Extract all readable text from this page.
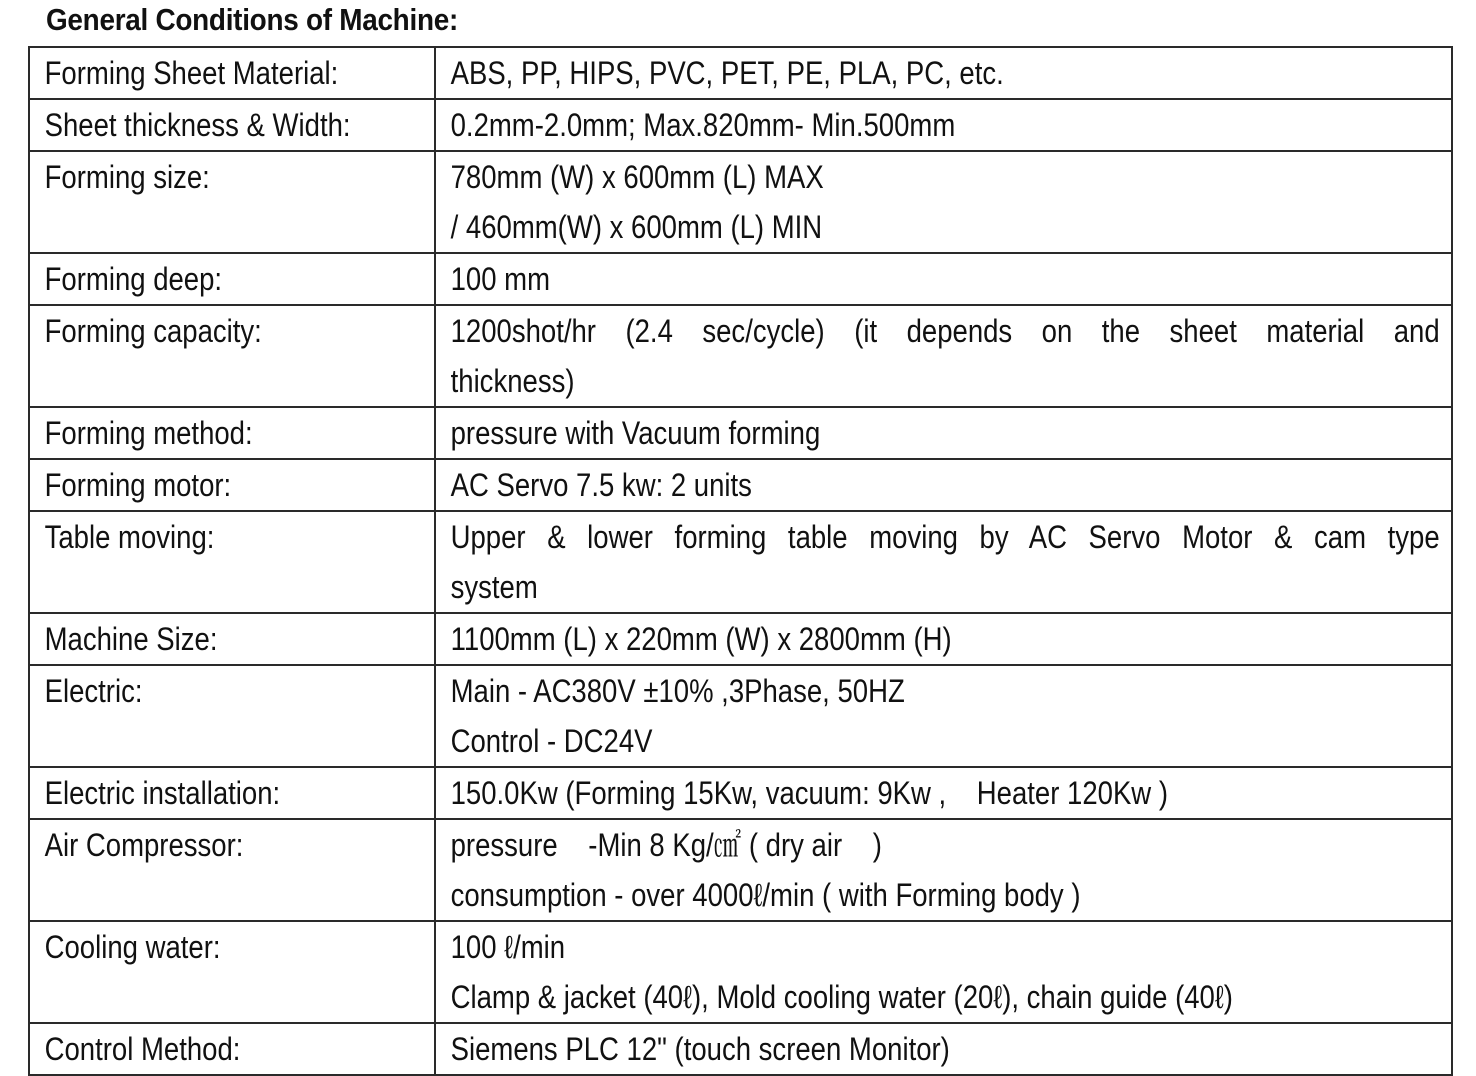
General Conditions of Machine:
Forming Sheet Material:	ABS, PP, HIPS, PVC, PET, PE, PLA, PC, etc.

Sheet thickness & Width:	0.2mm-2.0mm; Max.820mm- Min.500mm

Forming size:	780mm (W) x 600mm (L) MAX
/ 460mm(W) x 600mm (L) MIN

Forming deep:	100 mm

Forming capacity:	1200shot/hr (2.4 sec/cycle) (it depends on the sheet material and
thickness)

Forming method:	pressure with Vacuum forming

Forming motor:	AC Servo 7.5 kw: 2 units

Table moving:	Upper & lower forming table moving by AC Servo Motor & cam type
system

Machine Size:	1100mm (L) x 220mm (W) x 2800mm (H)

Electric:	Main - AC380V ±10% ,3Phase, 50HZ
Control - DC24V

Electric installation:	150.0Kw (Forming 15Kw, vacuum: 9Kw ,    Heater 120Kw )

Air Compressor:	pressure    -Min 8 Kg/㎠ ( dry air    )
consumption - over 4000ℓ/min ( with Forming body )

Cooling water:	100 ℓ/min
Clamp & jacket (40ℓ), Mold cooling water (20ℓ), chain guide (40ℓ)

Control Method:	Siemens PLC 12" (touch screen Monitor)
